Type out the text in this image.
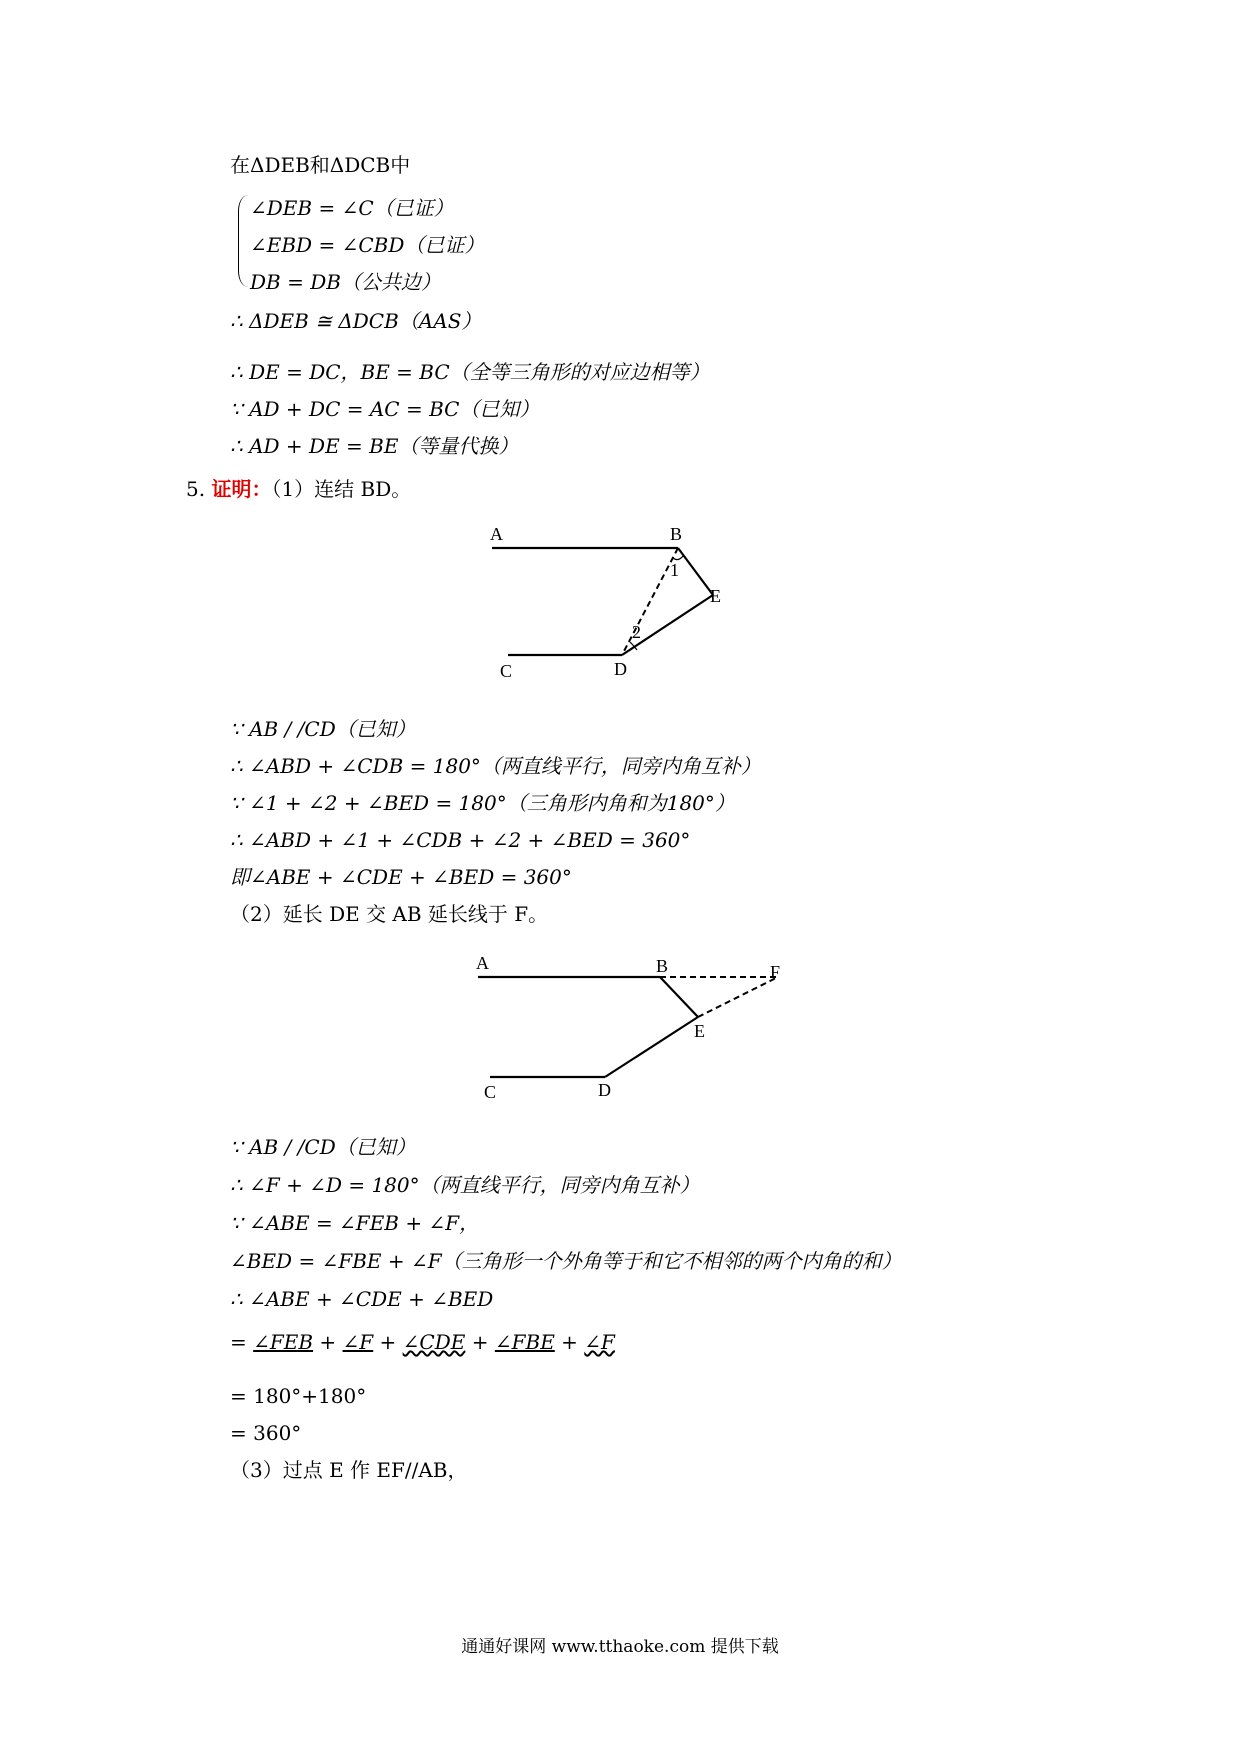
在ΔDEB和ΔDCB中
∠DEB = ∠C（已证）
∠EBD = ∠CBD（已证）
DB = DB（公共边）
∴ ΔDEB ≅ ΔDCB（AAS）
∴ DE = DC，BE = BC（全等三角形的对应边相等）
∵ AD + DC = AC = BC（已知）
∴ AD + DE = BE（等量代换）
5. 证明：（1）连结 BD。
A	B
1
E
2
C	D
∵ AB / /CD（已知）
∴ ∠ABD + ∠CDB = 180°（两直线平行，同旁内角互补）
∵ ∠1 + ∠2 + ∠BED = 180°（三角形内角和为180°）
∴ ∠ABD + ∠1 + ∠CDB + ∠2 + ∠BED = 360°
即∠ABE + ∠CDE + ∠BED = 360°
（2）延长 DE 交 AB 延长线于 F。
A	B	F
E
C	D
∵ AB / /CD（已知）
∴ ∠F + ∠D = 180°（两直线平行，同旁内角互补）
∵ ∠ABE = ∠FEB + ∠F，
∠BED = ∠FBE + ∠F（三角形一个外角等于和它不相邻的两个内角的和）
∴ ∠ABE + ∠CDE + ∠BED
= ∠FEB + ∠F + ∠CDE + ∠FBE + ∠F
= 180°+180°
= 360°
（3）过点 E 作 EF//AB，
通通好课网 www.tthaoke.com 提供下载
